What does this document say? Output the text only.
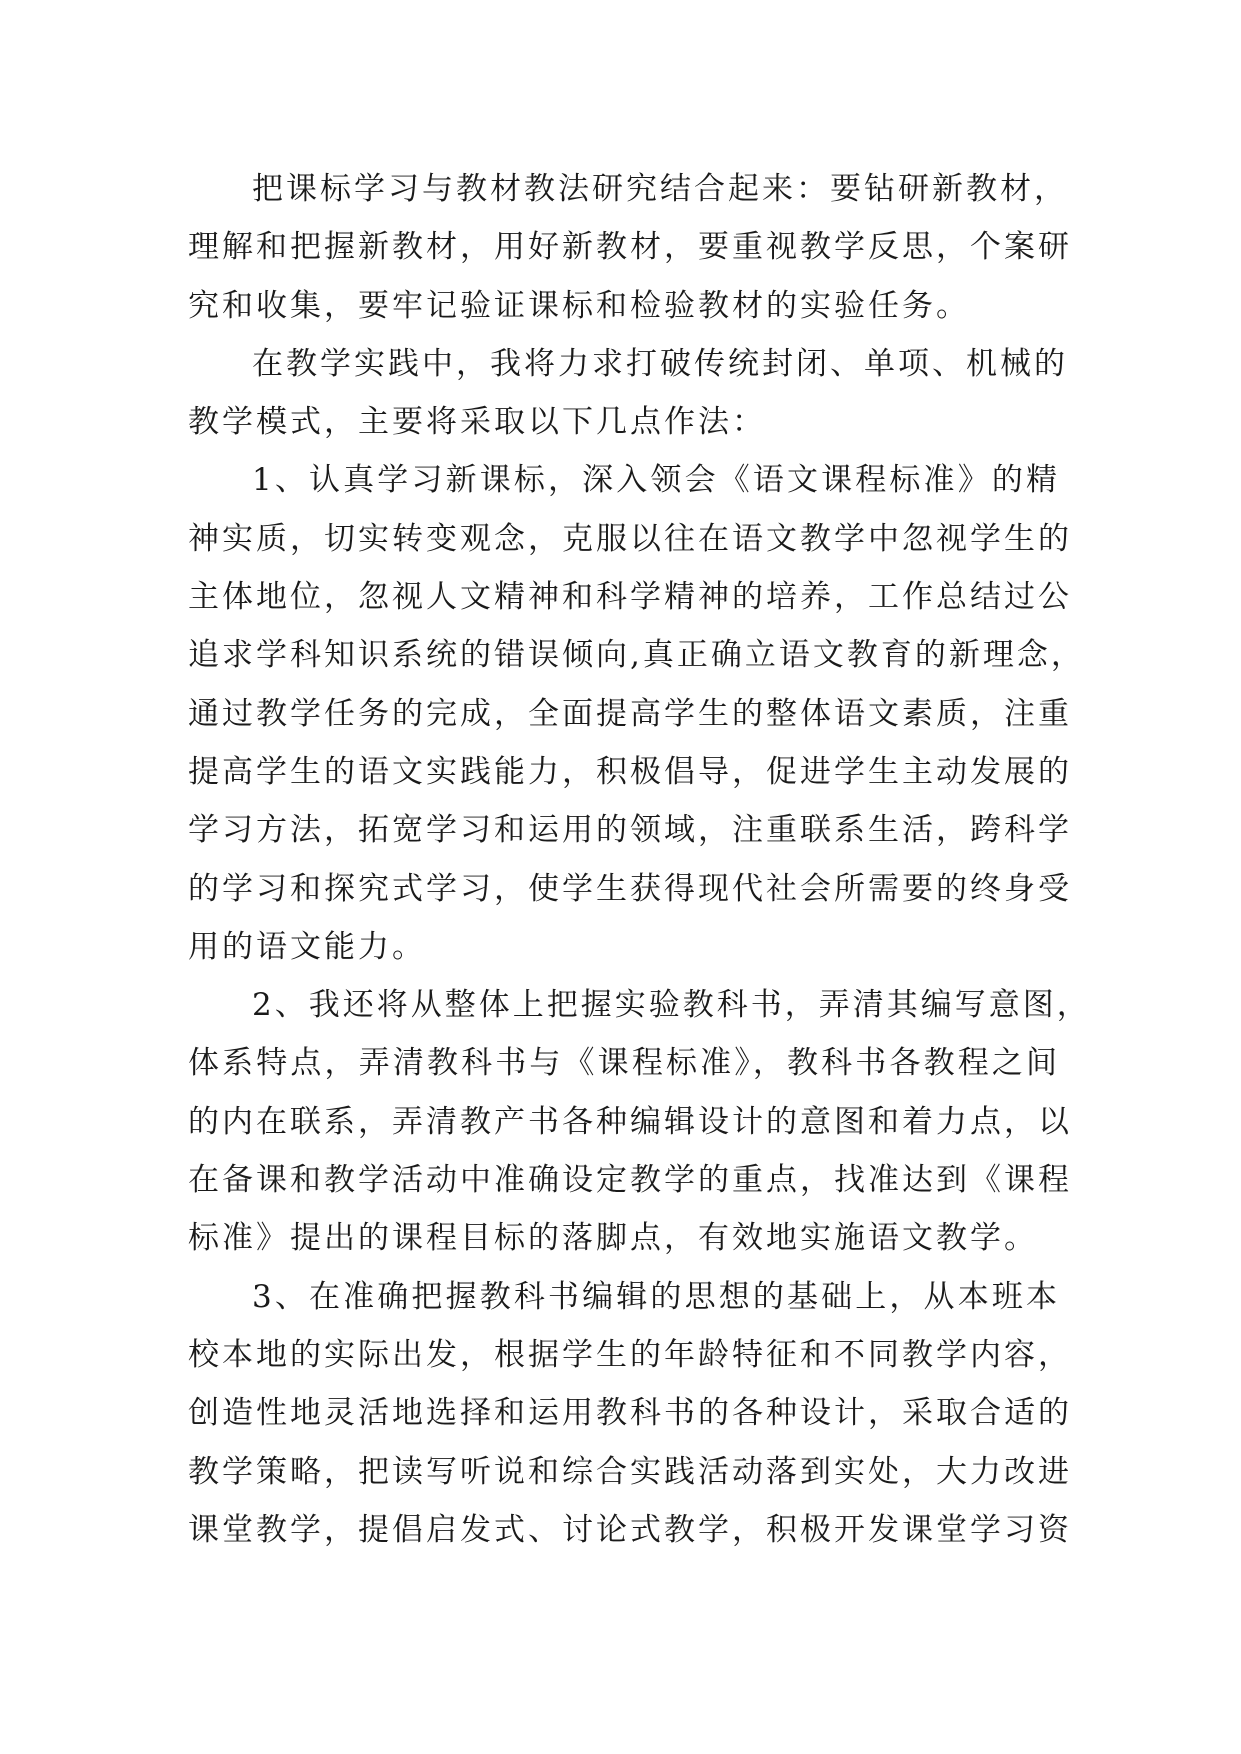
把课标学习与教材教法研究结合起来：要钻研新教材，
理解和把握新教材，用好新教材，要重视教学反思，个案研
究和收集，要牢记验证课标和检验教材的实验任务。
在教学实践中，我将力求打破传统封闭、单项、机械的
教学模式，主要将采取以下几点作法：
1、认真学习新课标，深入领会《语文课程标准》的精
神实质，切实转变观念，克服以往在语文教学中忽视学生的
主体地位，忽视人文精神和科学精神的培养，工作总结过公
追求学科知识系统的错误倾向,真正确立语文教育的新理念，
通过教学任务的完成，全面提高学生的整体语文素质，注重
提高学生的语文实践能力，积极倡导，促进学生主动发展的
学习方法，拓宽学习和运用的领域，注重联系生活，跨科学
的学习和探究式学习，使学生获得现代社会所需要的终身受
用的语文能力。
2、我还将从整体上把握实验教科书，弄清其编写意图，
体系特点，弄清教科书与《课程标准》，教科书各教程之间
的内在联系，弄清教产书各种编辑设计的意图和着力点，以
在备课和教学活动中准确设定教学的重点，找准达到《课程
标准》提出的课程目标的落脚点，有效地实施语文教学。
3、在准确把握教科书编辑的思想的基础上，从本班本
校本地的实际出发，根据学生的年龄特征和不同教学内容，
创造性地灵活地选择和运用教科书的各种设计，采取合适的
教学策略，把读写听说和综合实践活动落到实处，大力改进
课堂教学，提倡启发式、讨论式教学，积极开发课堂学习资
